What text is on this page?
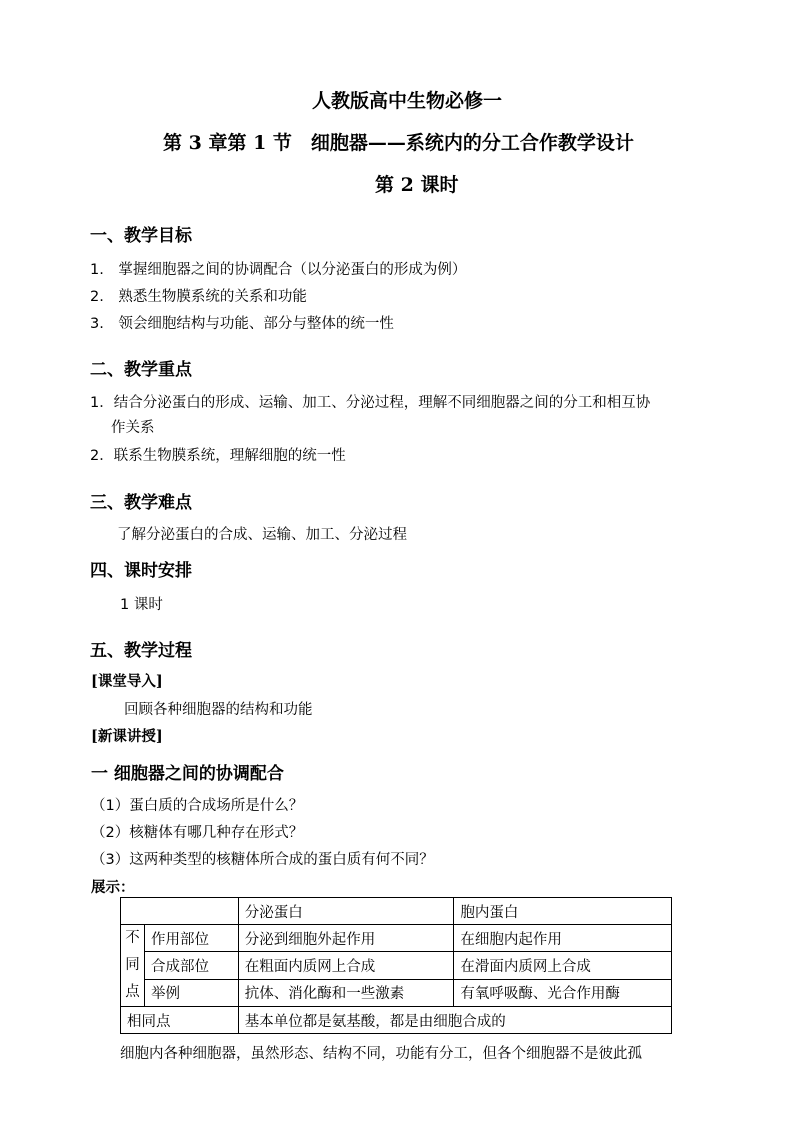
人教版高中生物必修一
第 3 章第 1 节　细胞器——系统内的分工合作教学设计
第 2 课时
一、教学目标
1.　掌握细胞器之间的协调配合（以分泌蛋白的形成为例）
2.　熟悉生物膜系统的关系和功能
3.　领会细胞结构与功能、部分与整体的统一性
二、教学重点
1．结合分泌蛋白的形成、运输、加工、分泌过程，理解不同细胞器之间的分工和相互协
作关系
2．联系生物膜系统，理解细胞的统一性
三、教学难点
了解分泌蛋白的合成、运输、加工、分泌过程
四、课时安排
1 课时
五、教学过程
[课堂导入]
回顾各种细胞器的结构和功能
[新课讲授]
一 细胞器之间的协调配合
（1）蛋白质的合成场所是什么？
（2）核糖体有哪几种存在形式？
（3）这两种类型的核糖体所合成的蛋白质有何不同？
展示：
		分泌蛋白	胞内蛋白
不
同
点	作用部位	分泌到细胞外起作用	在细胞内起作用
	合成部位	在粗面内质网上合成	在滑面内质网上合成
	举例	抗体、消化酶和一些激素	有氧呼吸酶、光合作用酶
相同点		基本单位都是氨基酸，都是由细胞合成的	
细胞内各种细胞器，虽然形态、结构不同，功能有分工，但各个细胞器不是彼此孤
